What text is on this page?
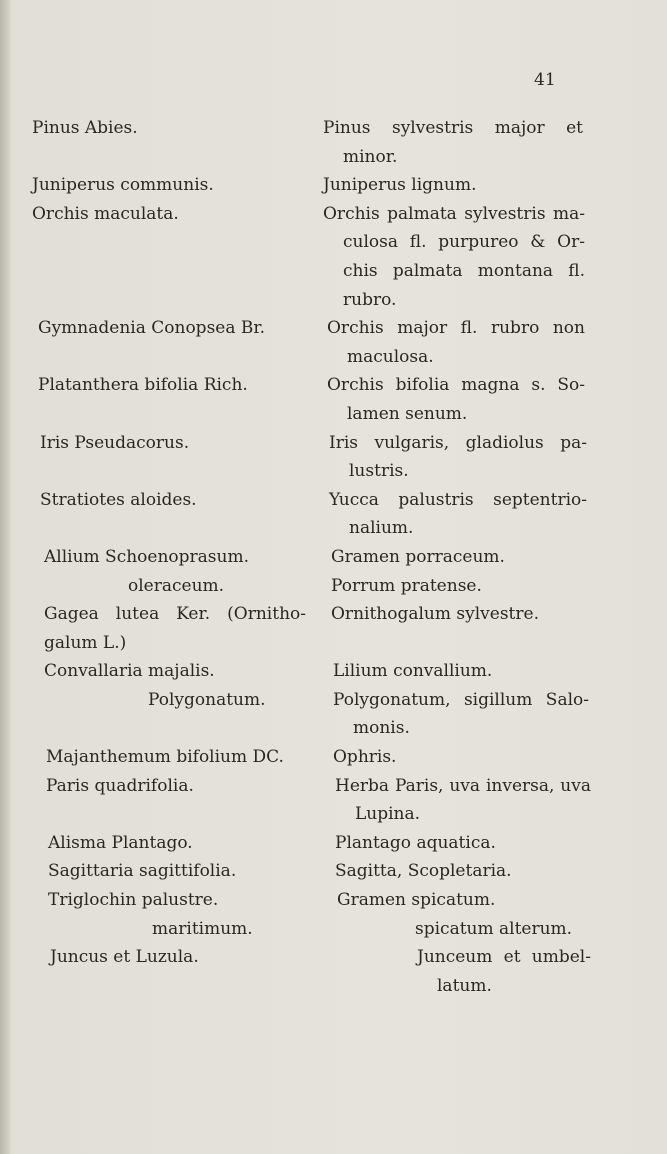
41
Pinus Abies.
Juniperus communis.
Orchis maculata.
Gymnadenia Conopsea Br.
Platanthera bifolia Rich.
Iris Pseudacorus.
Stratiotes aloides.
Allium Schoenoprasum.
oleraceum.
Gagea lutea Ker. (Ornitho-
galum L.)
Convallaria majalis.
Polygonatum.
Majanthemum bifolium DC.
Paris quadrifolia.
Alisma Plantago.
Sagittaria sagittifolia.
Triglochin palustre.
maritimum.
Juncus et Luzula.
Pinus sylvestris major et
minor.
Juniperus lignum.
Orchis palmata sylvestris ma-
culosa fl. purpureo & Or-
chis palmata montana fl.
rubro.
Orchis major fl. rubro non
maculosa.
Orchis bifolia magna s. So-
lamen senum.
Iris vulgaris, gladiolus pa-
lustris.
Yucca palustris septentrio-
nalium.
Gramen porraceum.
Porrum pratense.
Ornithogalum sylvestre.
Lilium convallium.
Polygonatum, sigillum Salo-
monis.
Ophris.
Herba Paris, uva inversa, uva
Lupina.
Plantago aquatica.
Sagitta, Scopletaria.
Gramen spicatum.
spicatum alterum.
Junceum et umbel-
latum.
